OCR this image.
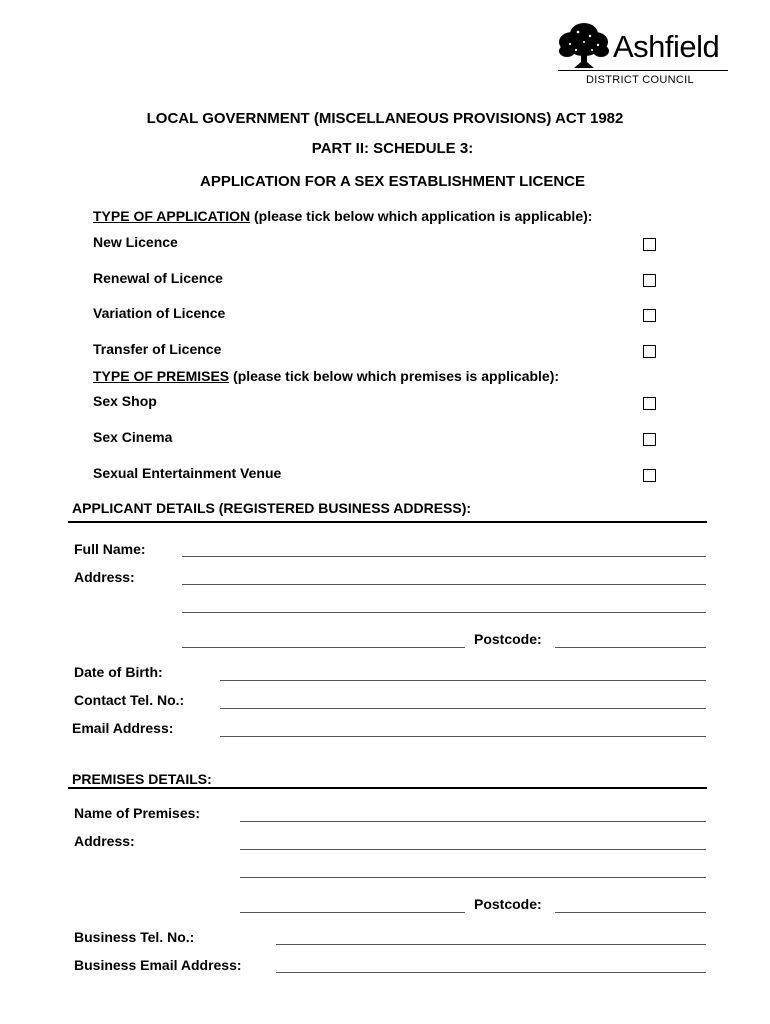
Ashfield
DISTRICT COUNCIL
LOCAL GOVERNMENT (MISCELLANEOUS PROVISIONS) ACT 1982
PART II: SCHEDULE 3:
APPLICATION FOR A SEX ESTABLISHMENT LICENCE
TYPE OF APPLICATION (please tick below which application is applicable):
New Licence
Renewal of Licence
Variation of Licence
Transfer of Licence
TYPE OF PREMISES (please tick below which premises is applicable):
Sex Shop
Sex Cinema
Sexual Entertainment Venue
APPLICANT DETAILS (REGISTERED BUSINESS ADDRESS):
Full Name:
Address:
Postcode:
Date of Birth:
Contact Tel. No.:
Email Address:
PREMISES DETAILS:
Name of Premises:
Address:
Postcode:
Business Tel. No.:
Business Email Address:
